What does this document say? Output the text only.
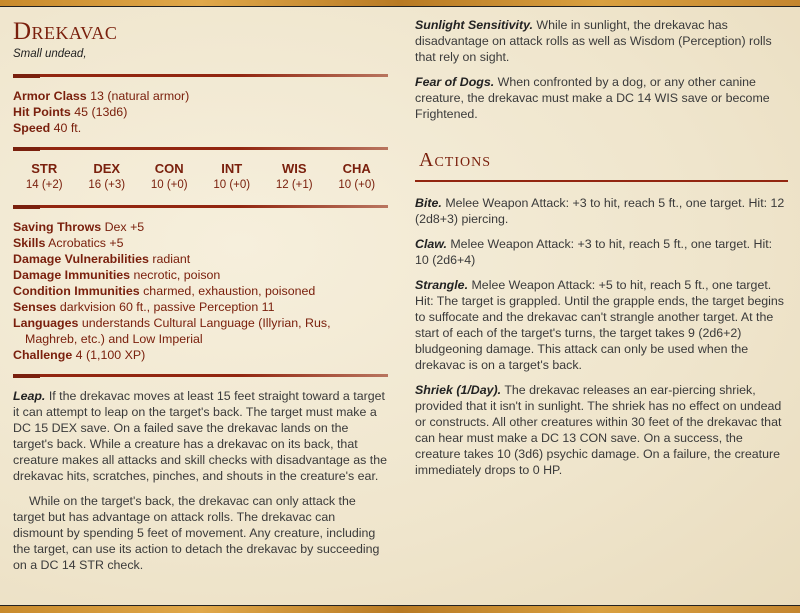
Drekavac
Small undead,
Armor Class 13 (natural armor)
Hit Points 45 (13d6)
Speed 40 ft.
STR
14 (+2)
DEX
16 (+3)
CON
10 (+0)
INT
10 (+0)
WIS
12 (+1)
CHA
10 (+0)
Saving Throws Dex +5
Skills Acrobatics +5
Damage Vulnerabilities radiant
Damage Immunities necrotic, poison
Condition Immunities charmed, exhaustion, poisoned
Senses darkvision 60 ft., passive Perception 11
Languages understands Cultural Language (Illyrian, Rus,
Maghreb, etc.) and Low Imperial
Challenge 4 (1,100 XP)

Leap. If the drekavac moves at least 15 feet straight toward a target it can attempt to leap on the target's back. The target must make a DC 15 DEX save. On a failed save the drekavac lands on the target's back. While a creature has a drekavac on its back, that creature makes all attacks and skill checks with disadvantage as the drekavac hits, scratches, pinches, and shouts in the creature's ear.

While on the target's back, the drekavac can only attack the target but has advantage on attack rolls. The drekavac can dismount by spending 5 feet of movement. Any creature, including the target, can use its action to detach the drekavac by succeeding on a DC 14 STR check.

Sunlight Sensitivity. While in sunlight, the drekavac has disadvantage on attack rolls as well as Wisdom (Perception) rolls that rely on sight.

Fear of Dogs. When confronted by a dog, or any other canine creature, the drekavac must make a DC 14 WIS save or become Frightened.

Actions

Bite. Melee Weapon Attack: +3 to hit, reach 5 ft., one target. Hit: 12 (2d8+3) piercing.

Claw. Melee Weapon Attack: +3 to hit, reach 5 ft., one target. Hit: 10 (2d6+4)

Strangle. Melee Weapon Attack: +5 to hit, reach 5 ft., one target. Hit: The target is grappled. Until the grapple ends, the target begins to suffocate and the drekavac can't strangle another target. At the start of each of the target's turns, the target takes 9 (2d6+2) bludgeoning damage. This attack can only be used when the drekavac is on a target's back.

Shriek (1/Day). The drekavac releases an ear-piercing shriek, provided that it isn't in sunlight. The shriek has no effect on undead or constructs. All other creatures within 30 feet of the drekavac that can hear must make a DC 13 CON save. On a success, the creature takes 10 (3d6) psychic damage. On a failure, the creature immediately drops to 0 HP.
